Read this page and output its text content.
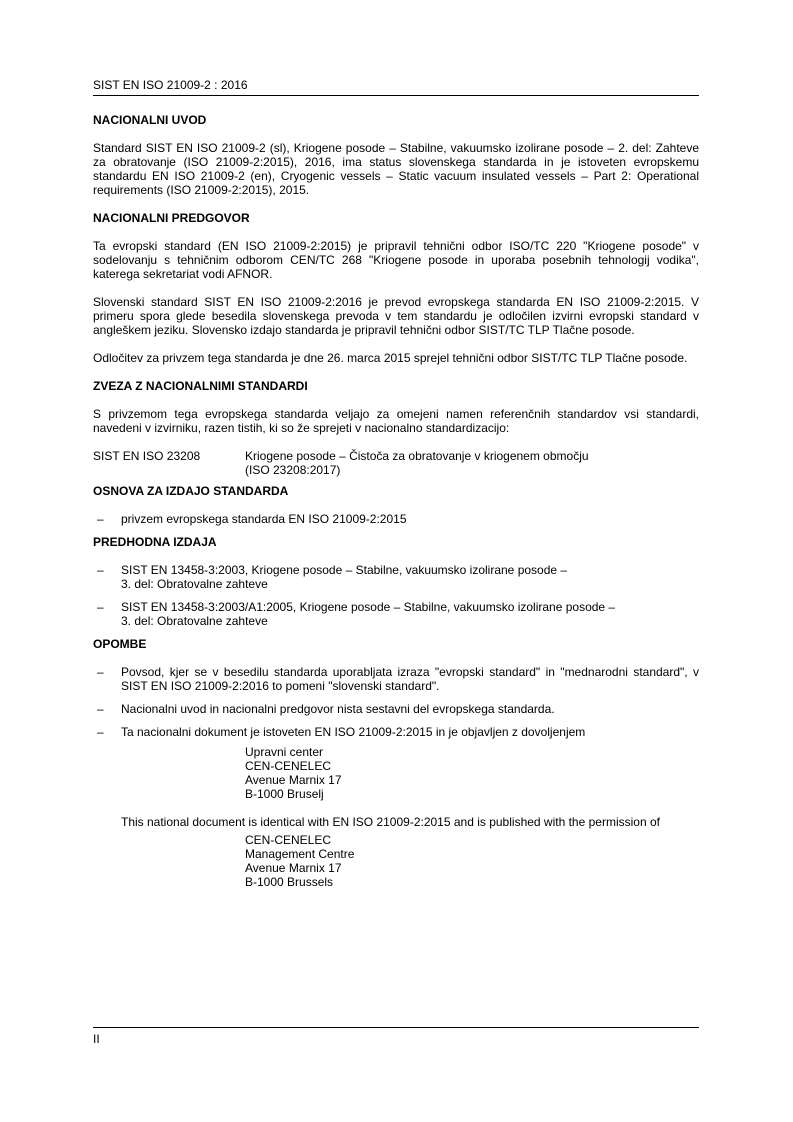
SIST EN ISO 21009-2 : 2016
NACIONALNI UVOD

Standard SIST EN ISO 21009-2 (sl), Kriogene posode – Stabilne, vakuumsko izolirane posode – 2. del: Zahteve za obratovanje (ISO 21009-2:2015), 2016, ima status slovenskega standarda in je istoveten evropskemu standardu EN ISO 21009-2 (en), Cryogenic vessels – Static vacuum insulated vessels – Part 2: Operational requirements (ISO 21009-2:2015), 2015.

NACIONALNI PREDGOVOR

Ta evropski standard (EN ISO 21009-2:2015) je pripravil tehnični odbor ISO/TC 220 "Kriogene posode" v sodelovanju s tehničnim odborom CEN/TC 268 "Kriogene posode in uporaba posebnih tehnologij vodika", katerega sekretariat vodi AFNOR.

Slovenski standard SIST EN ISO 21009-2:2016 je prevod evropskega standarda EN ISO 21009-2:2015. V primeru spora glede besedila slovenskega prevoda v tem standardu je odločilen izvirni evropski standard v angleškem jeziku. Slovensko izdajo standarda je pripravil tehnični odbor SIST/TC TLP Tlačne posode.

Odločitev za privzem tega standarda je dne 26. marca 2015 sprejel tehnični odbor SIST/TC TLP Tlačne posode.

ZVEZA Z NACIONALNIMI STANDARDI

S privzemom tega evropskega standarda veljajo za omejeni namen referenčnih standardov vsi standardi, navedeni v izvirniku, razen tistih, ki so že sprejeti v nacionalno standardizacijo:

SIST EN ISO 23208	Kriogene posode – Čistoča za obratovanje v kriogenem območju
(ISO 23208:2017)
OSNOVA ZA IZDAJO STANDARDA
– privzem evropskega standarda EN ISO 21009-2:2015
PREDHODNA IZDAJA
– SIST EN 13458-3:2003, Kriogene posode – Stabilne, vakuumsko izolirane posode –
3. del: Obratovalne zahteve
– SIST EN 13458-3:2003/A1:2005, Kriogene posode – Stabilne, vakuumsko izolirane posode –
3. del: Obratovalne zahteve
OPOMBE
– Povsod, kjer se v besedilu standarda uporabljata izraza "evropski standard" in "mednarodni standard", v SIST EN ISO 21009-2:2016 to pomeni "slovenski standard".
– Nacionalni uvod in nacionalni predgovor nista sestavni del evropskega standarda.
– Ta nacionalni dokument je istoveten EN ISO 21009-2:2015 in je objavljen z dovoljenjem
Upravni center
CEN-CENELEC
Avenue Marnix 17
B-1000 Bruselj

This national document is identical with EN ISO 21009-2:2015 and is published with the permission of

CEN-CENELEC
Management Centre
Avenue Marnix 17
B-1000 Brussels
II
